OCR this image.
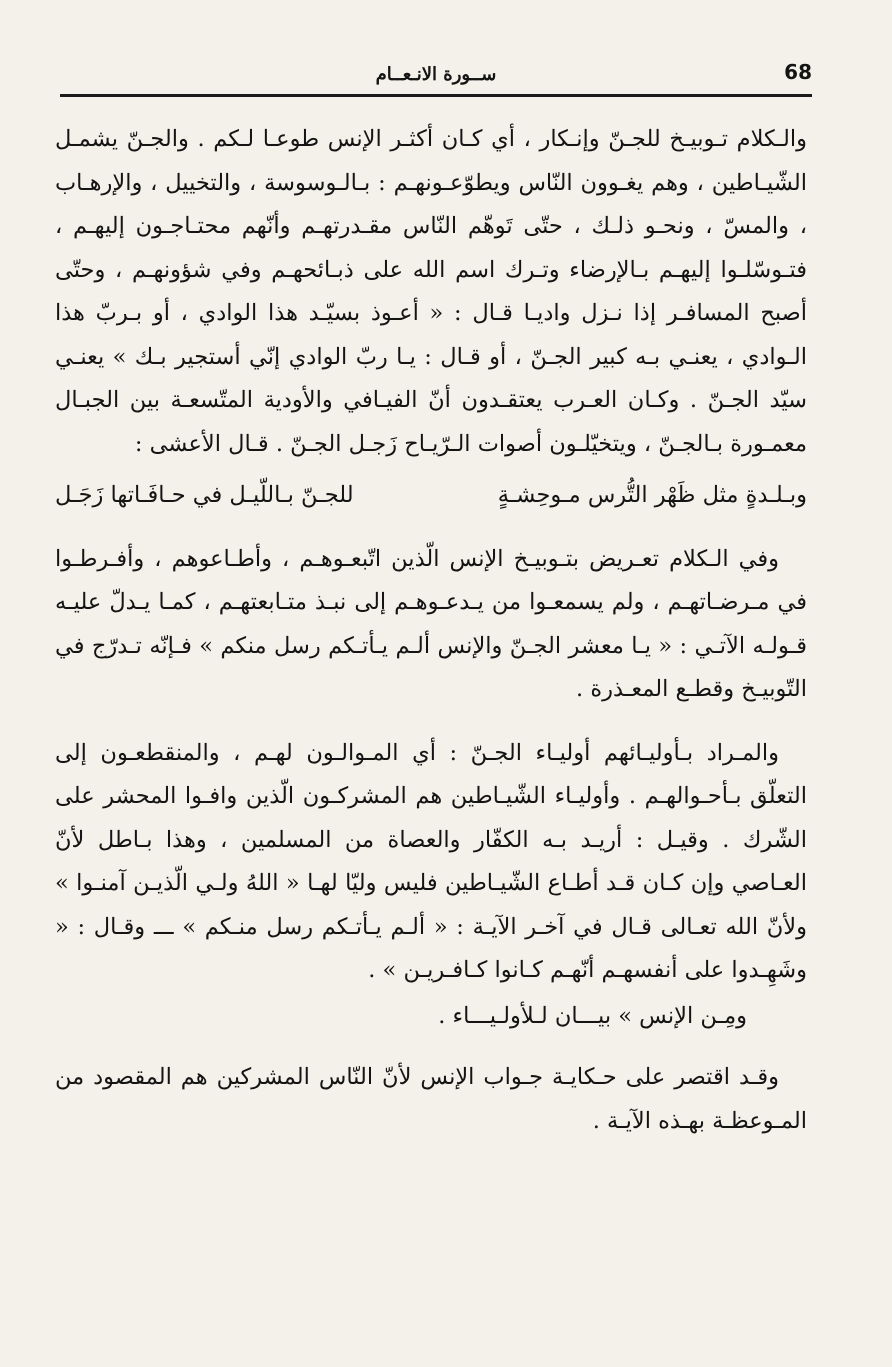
68
ســورة الانـعــام

والـكلام تـوبيـخ للجـنّ وإنـكار ، أي كـان أكثـر الإنس طوعـا لـكم . والجـنّ يشمـل الشّيـاطين ، وهم يغـوون النّاس ويطوّعـونهـم : بـالـوسوسة ، والتخييل ، والإرهـاب ، والمسّ ، ونحـو ذلـك ، حتّى تَوهّم النّاس مقـدرتهـم وأنّهم محتـاجـون إليهـم ، فتـوسّلـوا إليهـم بـالإرضاء وتـرك اسم الله على ذبـائحهـم وفي شؤونهـم ، وحتّى أصبح المسافـر إذا نـزل واديـا قـال : « أعـوذ بسيّـد هذا الوادي ، أو بـربّ هذا الـوادي ، يعنـي بـه كبير الجـنّ ، أو قـال : يـا ربّ الوادي إنّي أستجير بـك » يعنـي سيّد الجـنّ . وكـان العـرب يعتقـدون أنّ الفيـافي والأودية المتّسعـة بين الجبـال معمـورة بـالجـنّ ، ويتخيّلـون أصوات الـرّيـاح زَجـل الجـنّ . قـال الأعشى :

وبـلـدةٍ مثل ظَهْر التُّرس مـوحِشـةٍ
للجـنّ بـاللّيـل في حـافَـاتها زَجَـل

وفي الـكلام تعـريض بتـوبيـخ الإنس الّذين اتّبعـوهـم ، وأطـاعوهم ، وأفـرطـوا في مـرضـاتهـم ، ولم يسمعـوا من يـدعـوهـم إلى نبـذ متـابعتهـم ، كمـا يـدلّ عليـه قـولـه الآتـي : « يـا معشر الجـنّ والإنس ألـم يـأتـكم رسل منكم » فـإنّه تـدرّج في التّوبيـخ وقطـع المعـذرة .

والمـراد بـأوليـائهم أوليـاء الجـنّ : أي المـوالـون لهـم ، والمنقطعـون إلى التعلّق بـأحـوالهـم . وأوليـاء الشّيـاطين هم المشركـون الّذين وافـوا المحشر على الشّرك . وقيـل : أريـد بـه الكفّار والعصاة من المسلمين ، وهذا بـاطل لأنّ العـاصي وإن كـان قـد أطـاع الشّيـاطين فليس وليّا لهـا « اللهُ ولـي الّذيـن آمنـوا » ولأنّ الله تعـالى قـال في آخـر الآيـة : « ألـم يـأتـكم رسل منـكم » ـــ وقـال : « وشَهِـدوا على أنفسهـم أنّهـم كـانوا كـافـريـن » .

ومِـن الإنس » بيـــان لـلأولـيـــاء .

وقـد اقتصر على حـكايـة جـواب الإنس لأنّ النّاس المشركين هم المقصود من المـوعظـة بهـذه الآيـة .
